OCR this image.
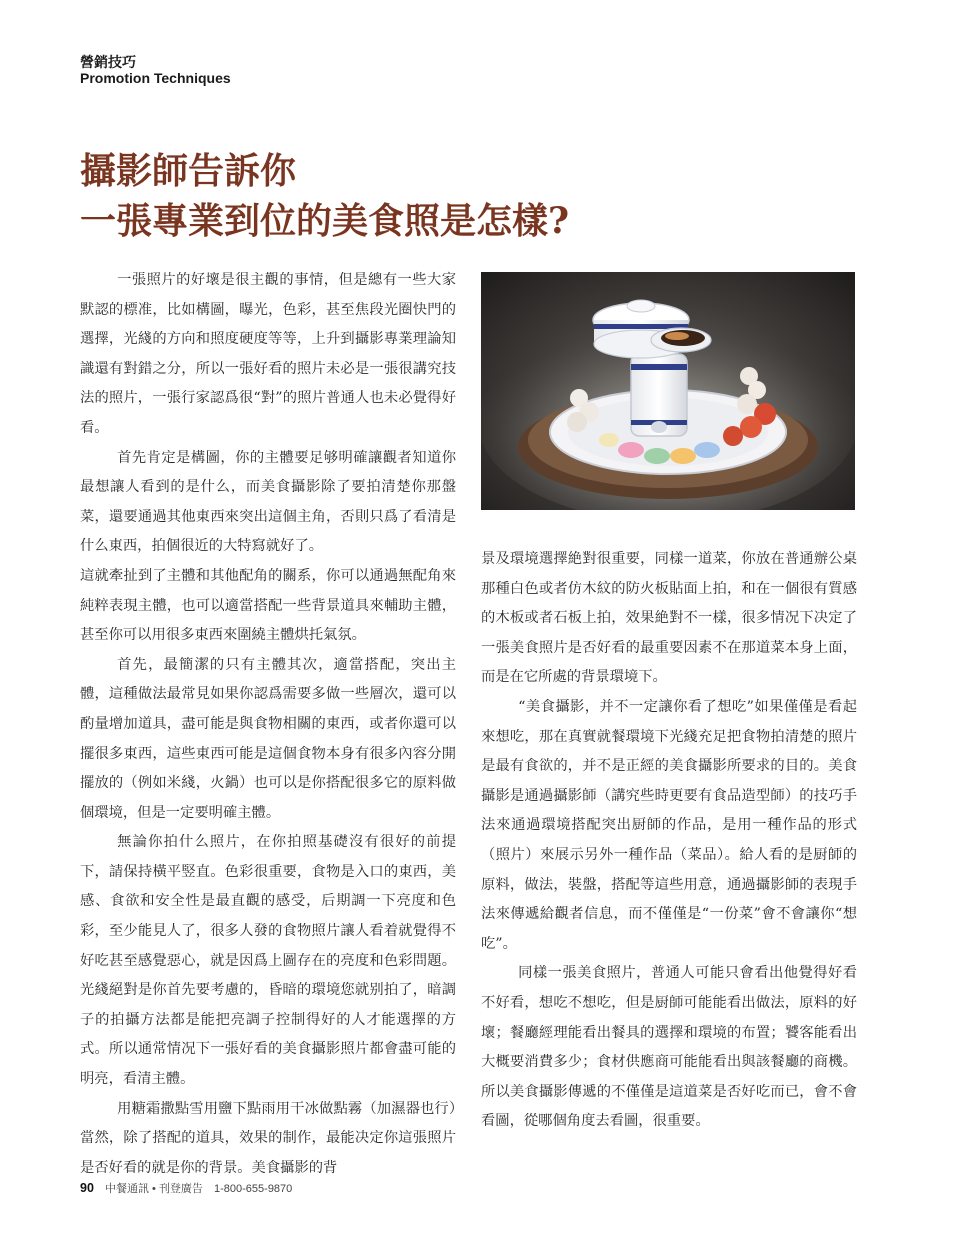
營銷技巧
Promotion Techniques
攝影師告訴你
一張專業到位的美食照是怎樣?

一張照片的好壞是很主觀的事情，但是總有一些大家默認的標准，比如構圖，曝光，色彩，甚至焦段光圈快門的選擇，光綫的方向和照度硬度等等，上升到攝影專業理論知識還有對錯之分，所以一張好看的照片未必是一張很講究技法的照片，一張行家認爲很“對”的照片普通人也未必覺得好看。

首先肯定是構圖，你的主體要足够明確讓觀者知道你最想讓人看到的是什么，而美食攝影除了要拍清楚你那盤菜，還要通過其他東西來突出這個主角，否則只爲了看清是什么東西，拍個很近的大特寫就好了。

這就牽扯到了主體和其他配角的關系，你可以通過無配角來純粹表現主體，也可以適當搭配一些背景道具來輔助主體，甚至你可以用很多東西來圍繞主體烘托氣氛。

首先，最簡潔的只有主體其次，適當搭配，突出主體，這種做法最常見如果你認爲需要多做一些層次，還可以酌量增加道具，盡可能是與食物相關的東西，或者你還可以擺很多東西，這些東西可能是這個食物本身有很多內容分開擺放的（例如米綫，火鍋）也可以是你搭配很多它的原料做個環境，但是一定要明確主體。

無論你拍什么照片，在你拍照基礎沒有很好的前提下，請保持橫平竪直。色彩很重要，食物是入口的東西，美感、食欲和安全性是最直觀的感受，后期調一下亮度和色彩，至少能見人了，很多人發的食物照片讓人看着就覺得不好吃甚至感覺惡心，就是因爲上圖存在的亮度和色彩問題。光綫絕對是你首先要考慮的，昏暗的環境您就别拍了，暗調子的拍攝方法都是能把亮調子控制得好的人才能選擇的方式。所以通常情况下一張好看的美食攝影照片都會盡可能的明亮，看清主體。

用糖霜撒點雪用鹽下點雨用干冰做點霧（加濕器也行）當然，除了搭配的道具，效果的制作，最能决定你這張照片是否好看的就是你的背景。美食攝影的背

景及環境選擇絶對很重要，同樣一道菜，你放在普通辦公桌那種白色或者仿木紋的防火板貼面上拍，和在一個很有質感的木板或者石板上拍，效果絶對不一樣，很多情况下决定了一張美食照片是否好看的最重要因素不在那道菜本身上面，而是在它所處的背景環境下。

“美食攝影，并不一定讓你看了想吃”如果僅僅是看起來想吃，那在真實就餐環境下光綫充足把食物拍清楚的照片是最有食欲的，并不是正經的美食攝影所要求的目的。美食攝影是通過攝影師（講究些時更要有食品造型師）的技巧手法來通過環境搭配突出厨師的作品，是用一種作品的形式（照片）來展示另外一種作品（菜品）。給人看的是厨師的原料，做法，裝盤，搭配等這些用意，通過攝影師的表現手法來傳遞給觀者信息，而不僅僅是“一份菜”會不會讓你“想吃”。

同樣一張美食照片，普通人可能只會看出他覺得好看不好看，想吃不想吃，但是厨師可能能看出做法，原料的好壞；餐廳經理能看出餐具的選擇和環境的布置；饕客能看出大概要消費多少；食材供應商可能能看出與該餐廳的商機。所以美食攝影傳遞的不僅僅是這道菜是否好吃而已，會不會看圖，從哪個角度去看圖，很重要。

90 中餐通訊 • 刊登廣告 1-800-655-9870
